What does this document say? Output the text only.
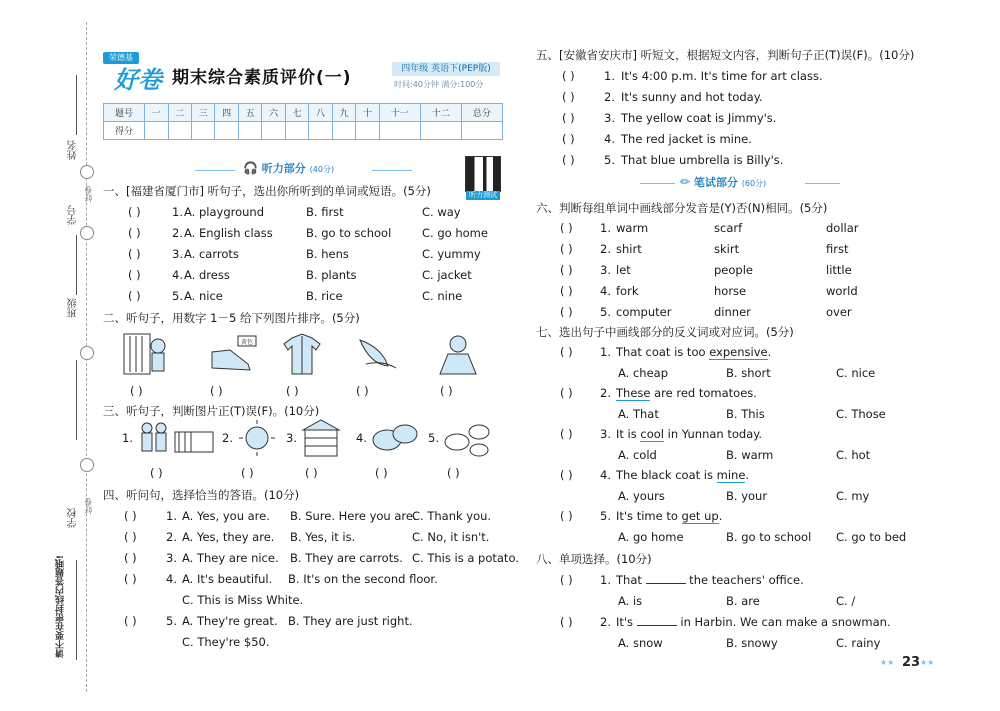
姓名
好卷
学号
班级
学校
好卷
请不要在密封线内答题哦!
荣德基
好卷 期末综合素质评价(一)	四年级 英语下(PEP版)
时间:40分钟 满分:100分
题号	一	二	三	四	五	六	七	八	九	十	十一	十二	总分
得分													
🎧 听力部分 (40分)
听力测试
一、[福建省厦门市] 听句子，选出你所听到的单词或短语。(5分)
( )	1. A. playground	B. first	C. way
( )	2. A. English class	B. go to school	C. go home
( )	3. A. carrots	B. hens	C. yummy
( )	4. A. dress	B. plants	C. jacket
( )	5. A. nice	B. rice	C. nine
二、听句子，用数字 1－5 给下列图片排序。(5分)
黄色
( )	( )	( )	( )	( )
三、听句子，判断图片正(T)误(F)。(10分)
1.	2.	3.	4.	5.
( )	( )	( )	( )	( )
四、听问句，选择恰当的答语。(10分)
( )	1. A. Yes, you are. B. Sure. Here you are.
C. Thank you.
( )	2. A. Yes, they are. B. Yes, it is.	C. No, it isn't.
( )	3. A. They are nice. B. They are carrots. C. This is a potato.
( )	4. A. It's beautiful. B. It's on the second floor.
C. This is Miss White.
( )	5. A. They're great. B. They are just right.
C. They're $50.
五、[安徽省安庆市] 听短文，根据短文内容，判断句子正(T)误(F)。(10分)
( )	1. It's 4:00 p.m. It's time for art class.
( )	2. It's sunny and hot today.
( )	3. The yellow coat is Jimmy's.
( )	4. The red jacket is mine.
( )	5. That blue umbrella is Billy's.
✏ 笔试部分 (60分)
六、判断每组单词中画线部分发音是(Y)否(N)相同。(5分)
( ) 1. warm	scarf	dollar
( ) 2. shirt	skirt	first
( ) 3. let	people	little
( ) 4. fork	horse	world
( ) 5. computer	dinner	over
七、选出句子中画线部分的反义词或对应词。(5分)
( ) 1. That coat is too expensive.
A. cheap	B. short	C. nice
( ) 2. These are red tomatoes.
A. That	B. This	C. Those
( ) 3. It is cool in Yunnan today.
A. cold	B. warm	C. hot
( ) 4. The black coat is mine.
A. yours	B. your	C. my
( ) 5. It's time to get up.
A. go home	B. go to school C. go to bed
八、单项选择。(10分)
( ) 1. That	the teachers' office.
A. is	B. are	C. /
( ) 2. It's	in Harbin. We can make a snowman.
A. snow	B. snowy	C. rainy
★★ 23 ★★
